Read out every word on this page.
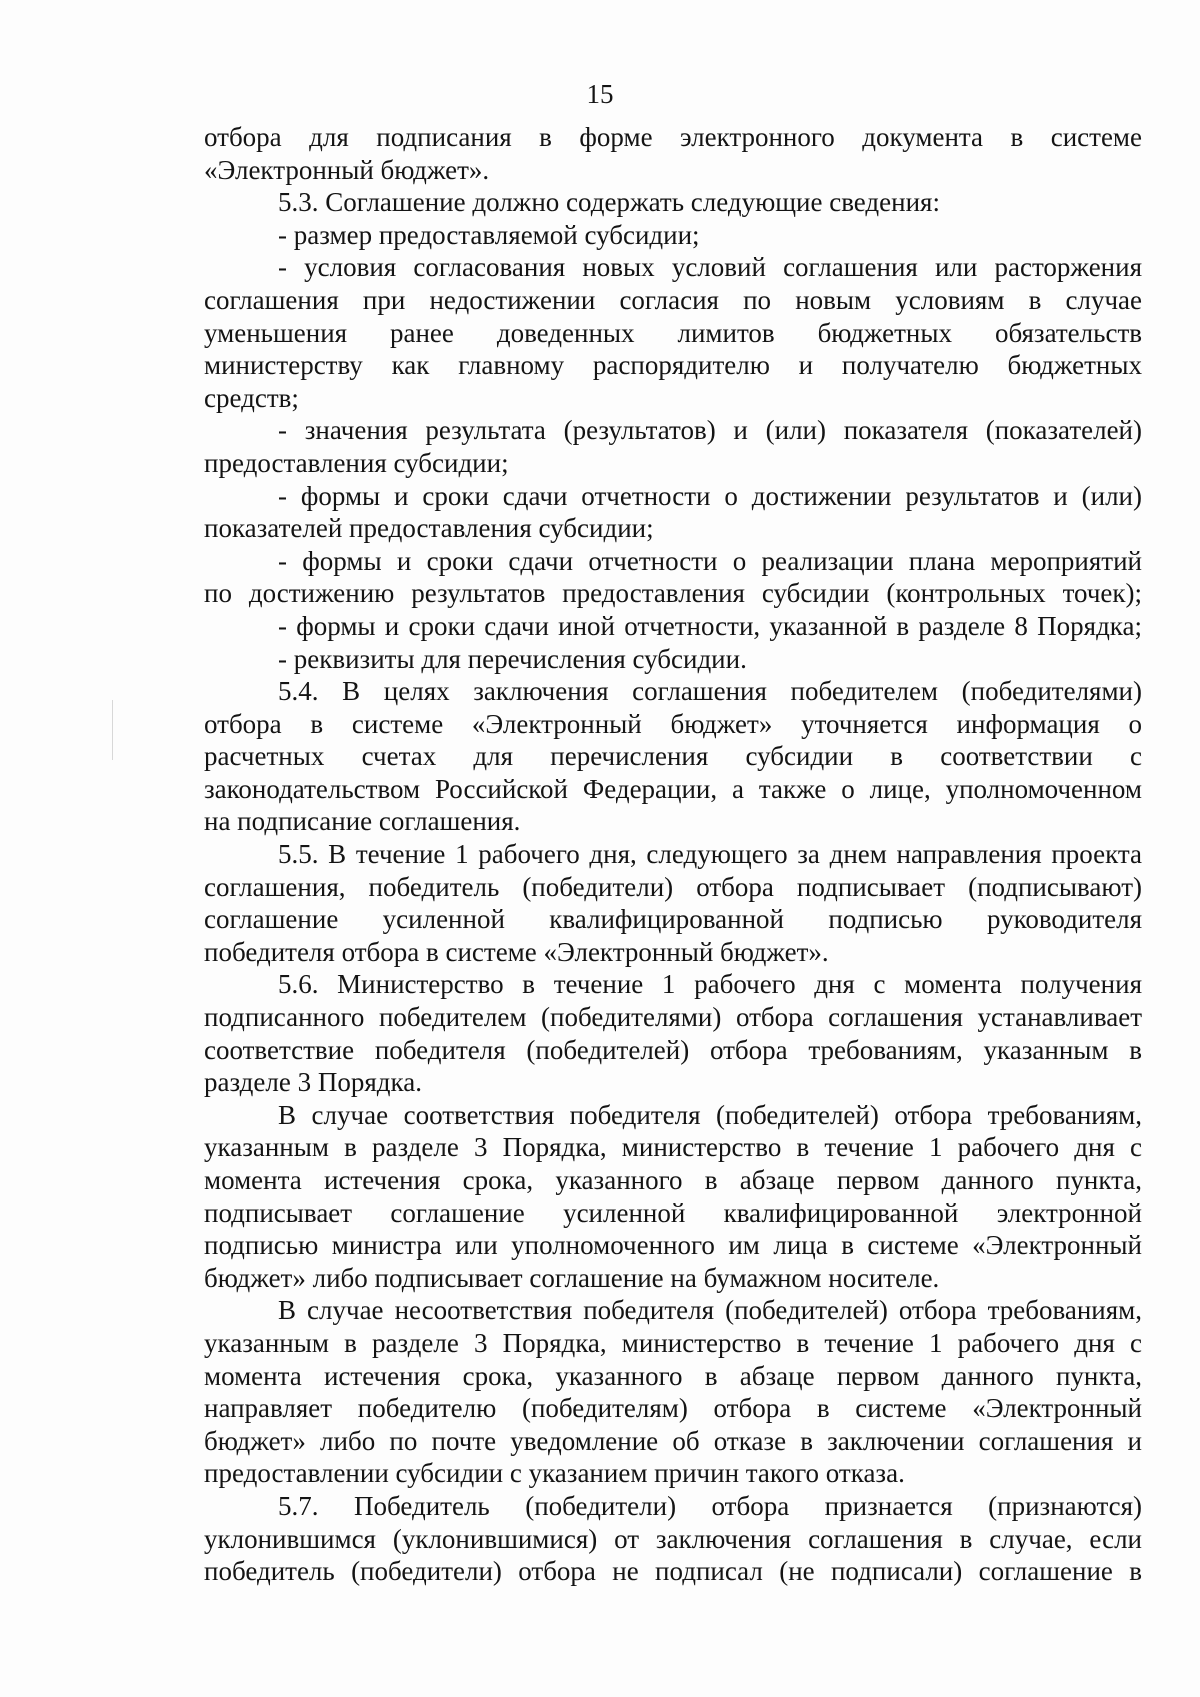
15
отбора для подписания в форме электронного документа в системе
«Электронный бюджет».
5.3. Соглашение должно содержать следующие сведения:
- размер предоставляемой субсидии;
- условия согласования новых условий соглашения или расторжения
соглашения при недостижении согласия по новым условиям в случае
уменьшения ранее доведенных лимитов бюджетных обязательств
министерству как главному распорядителю и получателю бюджетных
средств;
- значения результата (результатов) и (или) показателя (показателей)
предоставления субсидии;
- формы и сроки сдачи отчетности о достижении результатов и (или)
показателей предоставления субсидии;
- формы и сроки сдачи отчетности о реализации плана мероприятий
по достижению результатов предоставления субсидии (контрольных точек);
- формы и сроки сдачи иной отчетности, указанной в разделе 8 Порядка;
- реквизиты для перечисления субсидии.
5.4. В целях заключения соглашения победителем (победителями)
отбора в системе «Электронный бюджет» уточняется информация о
расчетных счетах для перечисления субсидии в соответствии с
законодательством Российской Федерации, а также о лице, уполномоченном
на подписание соглашения.
5.5. В течение 1 рабочего дня, следующего за днем направления проекта
соглашения, победитель (победители) отбора подписывает (подписывают)
соглашение усиленной квалифицированной подписью руководителя
победителя отбора в системе «Электронный бюджет».
5.6. Министерство в течение 1 рабочего дня с момента получения
подписанного победителем (победителями) отбора соглашения устанавливает
соответствие победителя (победителей) отбора требованиям, указанным в
разделе 3 Порядка.
В случае соответствия победителя (победителей) отбора требованиям,
указанным в разделе 3 Порядка, министерство в течение 1 рабочего дня с
момента истечения срока, указанного в абзаце первом данного пункта,
подписывает соглашение усиленной квалифицированной электронной
подписью министра или уполномоченного им лица в системе «Электронный
бюджет» либо подписывает соглашение на бумажном носителе.
В случае несоответствия победителя (победителей) отбора требованиям,
указанным в разделе 3 Порядка, министерство в течение 1 рабочего дня с
момента истечения срока, указанного в абзаце первом данного пункта,
направляет победителю (победителям) отбора в системе «Электронный
бюджет» либо по почте уведомление об отказе в заключении соглашения и
предоставлении субсидии с указанием причин такого отказа.
5.7. Победитель (победители) отбора признается (признаются)
уклонившимся (уклонившимися) от заключения соглашения в случае, если
победитель (победители) отбора не подписал (не подписали) соглашение в
